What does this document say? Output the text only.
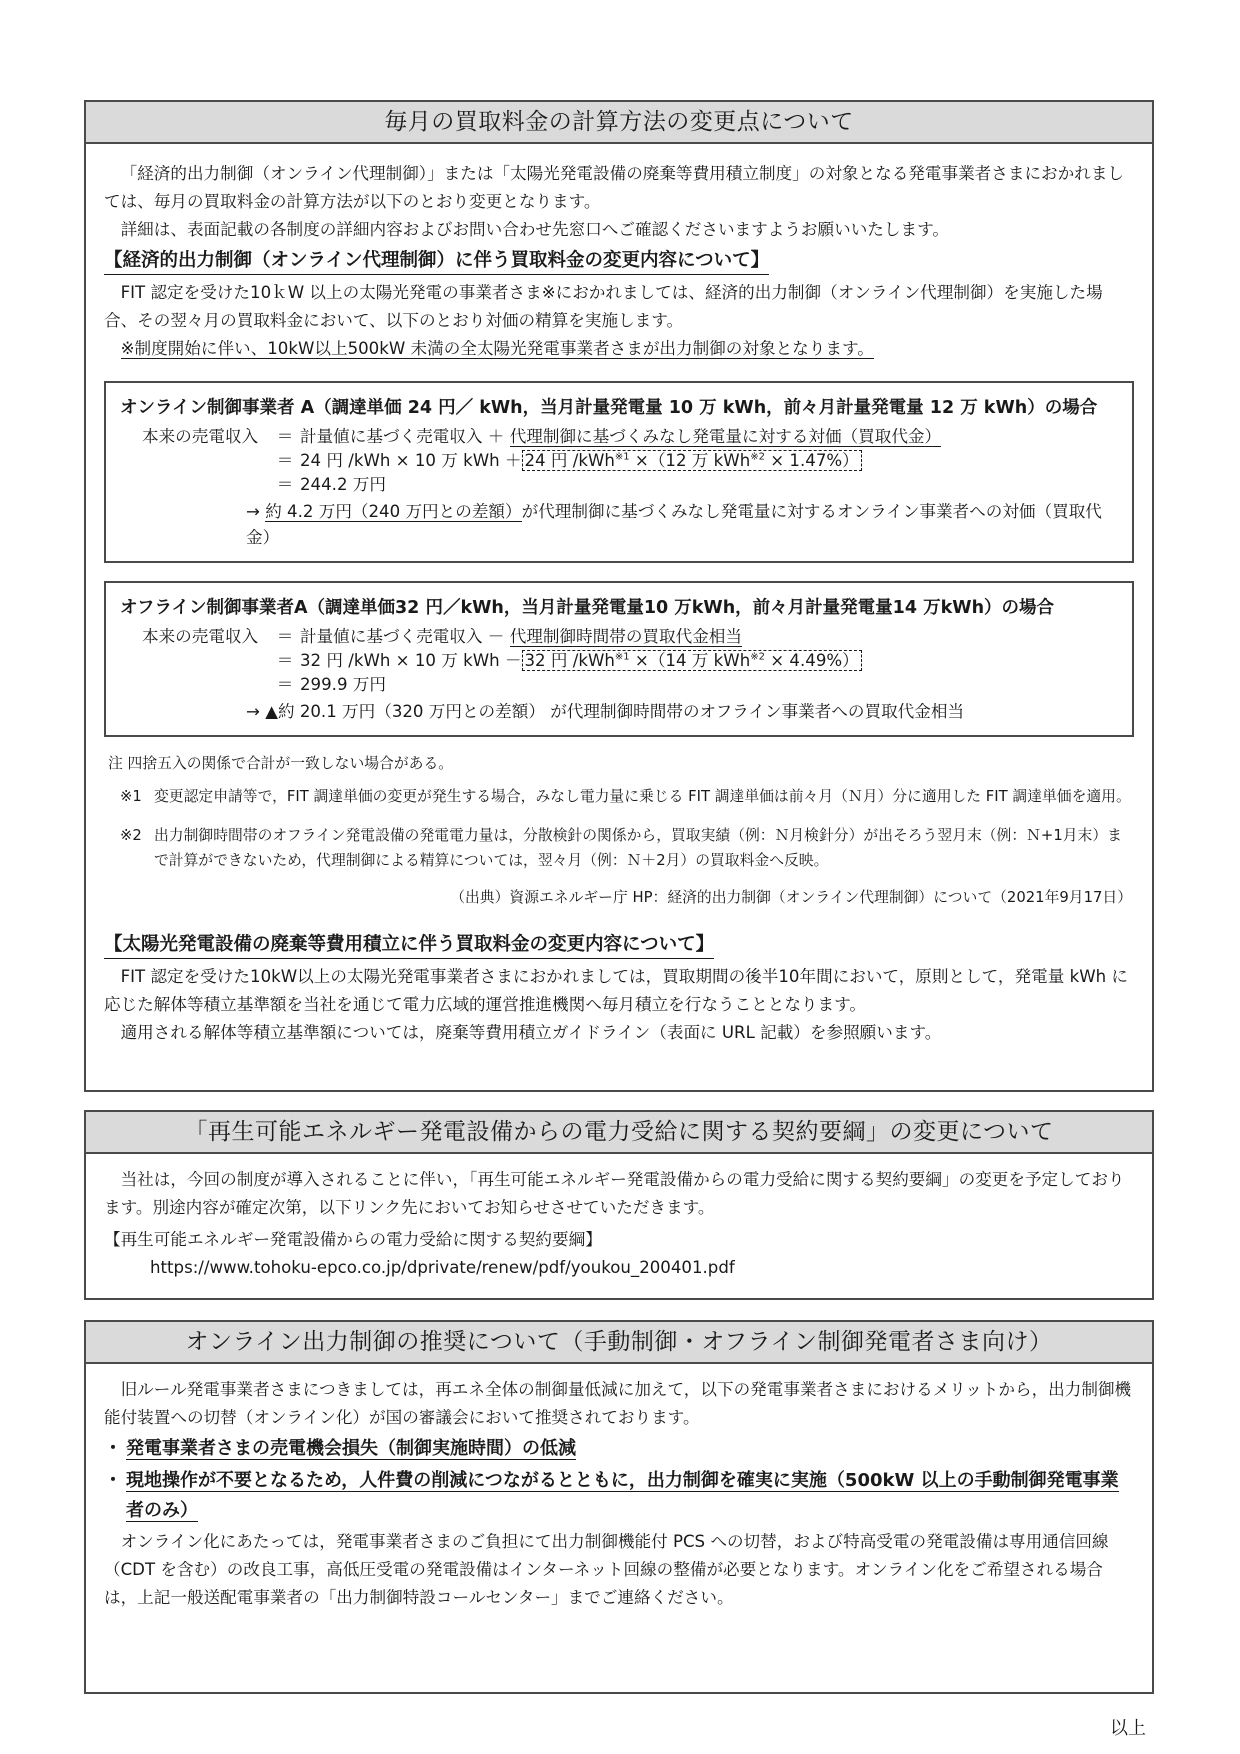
毎月の買取料金の計算方法の変更点について

「経済的出力制御（オンライン代理制御）」または「太陽光発電設備の廃棄等費用積立制度」の対象となる発電事業者さまにおかれましては、毎月の買取料金の計算方法が以下のとおり変更となります。

詳細は、表面記載の各制度の詳細内容およびお問い合わせ先窓口へご確認くださいますようお願いいたします。

【経済的出力制御（オンライン代理制御）に伴う買取料金の変更内容について】

FIT 認定を受けた10ｋW 以上の太陽光発電の事業者さま※におかれましては、経済的出力制御（オンライン代理制御）を実施した場合、その翌々月の買取料金において、以下のとおり対価の精算を実施します。

※制度開始に伴い、10kW以上500kW 未満の全太陽光発電事業者さまが出力制御の対象となります。

オンライン制御事業者 A（調達単価 24 円／ kWh，当月計量発電量 10 万 kWh，前々月計量発電量 12 万 kWh）の場合
本来の売電収入	＝ 計量値に基づく売電収入 ＋ 代理制御に基づくみなし発電量に対する対価（買取代金）
＝ 24 円 /kWh × 10 万 kWh ＋ 24 円 /kWh$^{※1}$ ×（12 万 kWh$^{※2}$ × 1.47%）
＝ 244.2 万円
→ 約 4.2 万円（240 万円との差額）が代理制御に基づくみなし発電量に対するオンライン事業者への対価（買取代金）
オフライン制御事業者A（調達単価32 円／kWh，当月計量発電量10 万kWh，前々月計量発電量14 万kWh）の場合
本来の売電収入	＝ 計量値に基づく売電収入 － 代理制御時間帯の買取代金相当
＝ 32 円 /kWh × 10 万 kWh － 32 円 /kWh$^{※1}$ ×（14 万 kWh$^{※2}$ × 4.49%）
＝ 299.9 万円
→ ▲約 20.1 万円（320 万円との差額） が代理制御時間帯のオフライン事業者への買取代金相当
注 四捨五入の関係で合計が一致しない場合がある。
※1 変更認定申請等で，FIT 調達単価の変更が発生する場合，みなし電力量に乗じる FIT 調達単価は前々月（Ｎ月）分に適用した FIT 調達単価を適用。
※2 出力制御時間帯のオフライン発電設備の発電電力量は，分散検針の関係から，買取実績（例：Ｎ月検針分）が出そろう翌月末（例：Ｎ+1月末）まで計算ができないため，代理制御による精算については，翌々月（例：Ｎ＋2月）の買取料金へ反映。
（出典）資源エネルギー庁 HP：経済的出力制御（オンライン代理制御）について（2021年9月17日）
【太陽光発電設備の廃棄等費用積立に伴う買取料金の変更内容について】

FIT 認定を受けた10kW以上の太陽光発電事業者さまにおかれましては，買取期間の後半10年間において，原則として，発電量 kWh に応じた解体等積立基準額を当社を通じて電力広域的運営推進機関へ毎月積立を行なうこととなります。

適用される解体等積立基準額については，廃棄等費用積立ガイドライン（表面に URL 記載）を参照願います。

「再生可能エネルギー発電設備からの電力受給に関する契約要綱」の変更について

当社は，今回の制度が導入されることに伴い，「再生可能エネルギー発電設備からの電力受給に関する契約要綱」の変更を予定しております。別途内容が確定次第，以下リンク先においてお知らせさせていただきます。

【再生可能エネルギー発電設備からの電力受給に関する契約要綱】

https://www.tohoku-epco.co.jp/dprivate/renew/pdf/youkou_200401.pdf

オンライン出力制御の推奨について（手動制御・オフライン制御発電者さま向け）

旧ルール発電事業者さまにつきましては，再エネ全体の制御量低減に加えて，以下の発電事業者さまにおけるメリットから，出力制御機能付装置への切替（オンライン化）が国の審議会において推奨されております。

・ 発電事業者さまの売電機会損失（制御実施時間）の低減
・ 現地操作が不要となるため，人件費の削減につながるとともに，出力制御を確実に実施（500kW 以上の手動制御発電事業者のみ）

オンライン化にあたっては，発電事業者さまのご負担にて出力制御機能付 PCS への切替，および特高受電の発電設備は専用通信回線（CDT を含む）の改良工事，高低圧受電の発電設備はインターネット回線の整備が必要となります。オンライン化をご希望される場合は，上記一般送配電事業者の「出力制御特設コールセンター」までご連絡ください。

以上
